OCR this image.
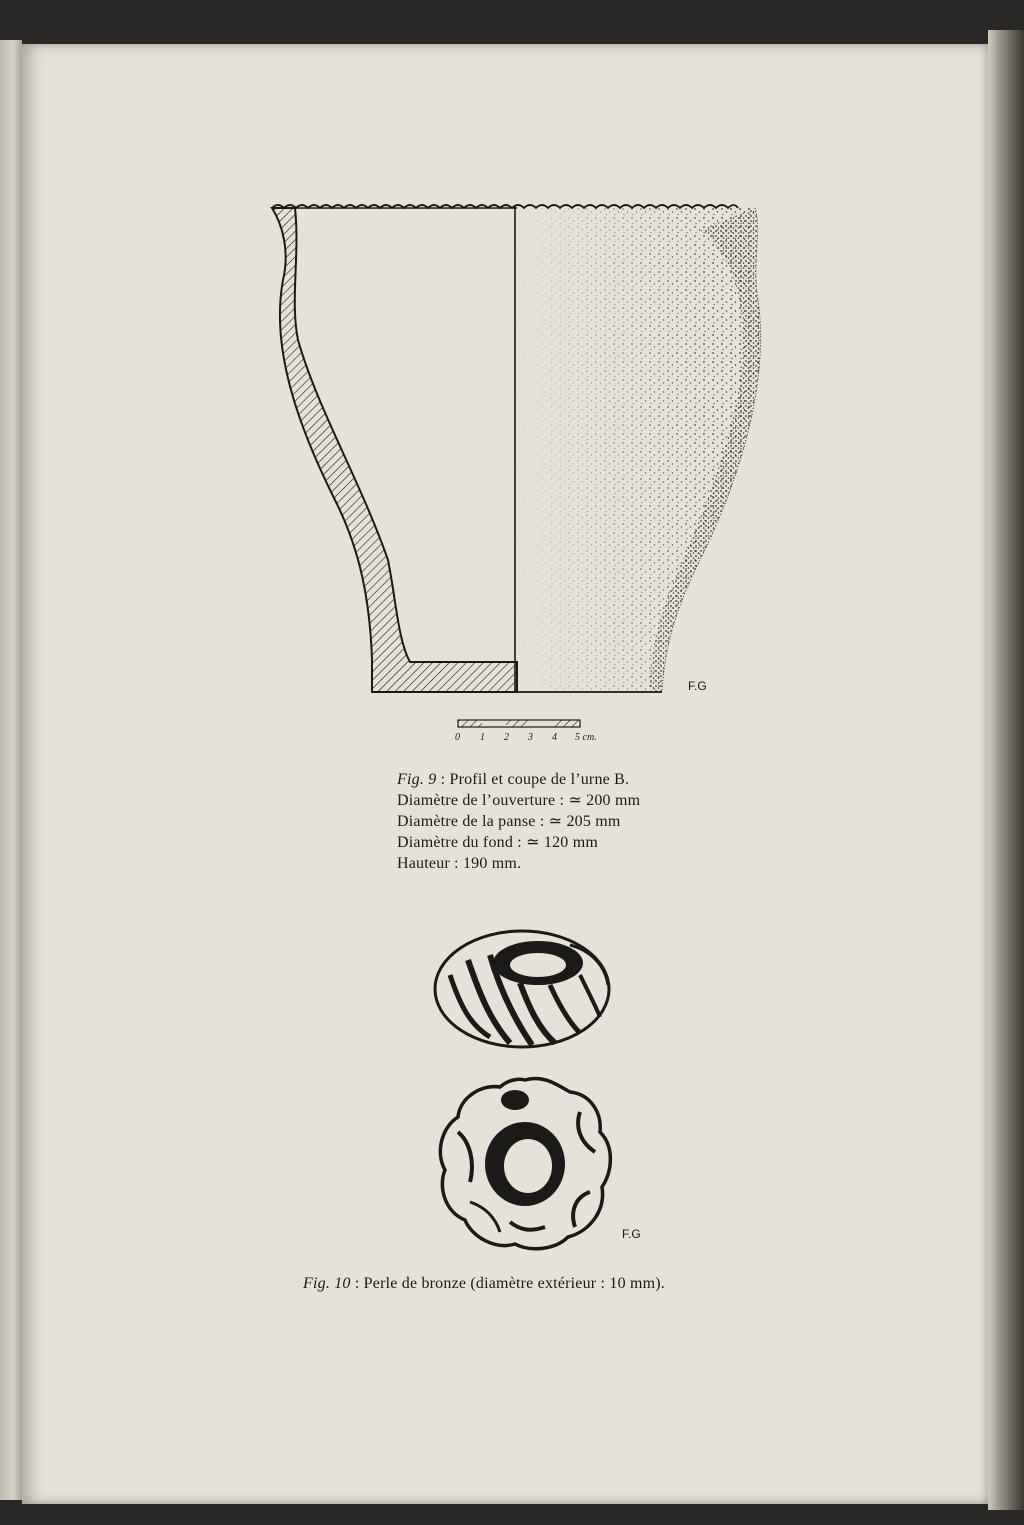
F.G
0 1 2 3 4 5 cm.
Fig. 9 : Profil et coupe de l’urne B.
Diamètre de l’ouverture : ≃ 200 mm
Diamètre de la panse : ≃ 205 mm
Diamètre du fond : ≃ 120 mm
Hauteur : 190 mm.
F.G
Fig. 10 : Perle de bronze (diamètre extérieur : 10 mm).
